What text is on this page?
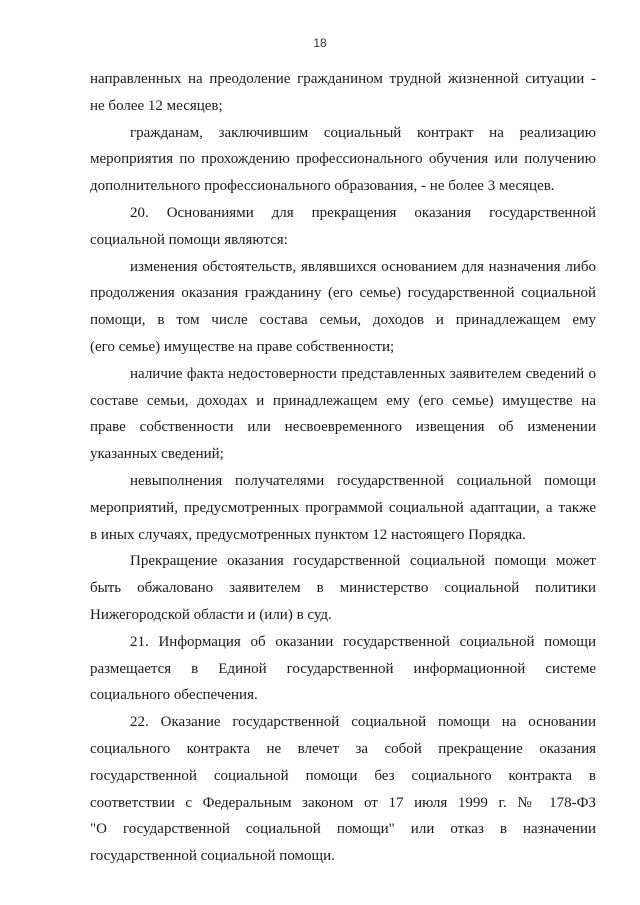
18
направленных на преодоление гражданином трудной жизненной ситуации -
не более 12 месяцев;
гражданам, заключившим социальный контракт на реализацию
мероприятия по прохождению профессионального обучения или получению
дополнительного профессионального образования, - не более 3 месяцев.
20. Основаниями для прекращения оказания государственной
социальной помощи являются:
изменения обстоятельств, являвшихся основанием для назначения либо
продолжения оказания гражданину (его семье) государственной социальной
помощи, в том числе состава семьи, доходов и принадлежащем ему
(его семье) имуществе на праве собственности;
наличие факта недостоверности представленных заявителем сведений о
составе семьи, доходах и принадлежащем ему (его семье) имуществе на
праве собственности или несвоевременного извещения об изменении
указанных сведений;
невыполнения получателями государственной социальной помощи
мероприятий, предусмотренных программой социальной адаптации, а также
в иных случаях, предусмотренных пунктом 12 настоящего Порядка.
Прекращение оказания государственной социальной помощи может
быть обжаловано заявителем в министерство социальной политики
Нижегородской области и (или) в суд.
21. Информация об оказании государственной социальной помощи
размещается в Единой государственной информационной системе
социального обеспечения.
22. Оказание государственной социальной помощи на основании
социального контракта не влечет за собой прекращение оказания
государственной социальной помощи без социального контракта в
соответствии с Федеральным законом от 17 июля 1999 г. № 178-ФЗ
"О государственной социальной помощи" или отказ в назначении
государственной социальной помощи.
